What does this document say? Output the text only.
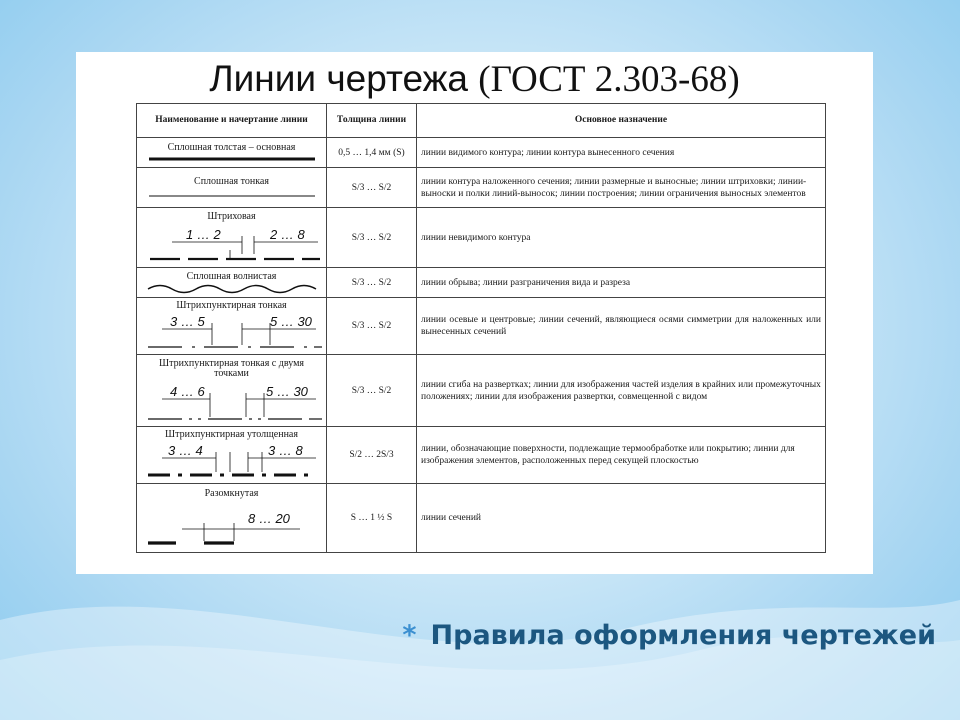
Линии чертежа (ГОСТ 2.303-68)
Наименование и начертание линии	Толщина линии	Основное назначение

Сплошная толстая – основная	0,5 … 1,4 мм (S)	линии видимого контура; линии контура вынесенного сечения

Сплошная тонкая	S/3 … S/2	линии контура наложенного сечения; линии размерные и выносные; линии штриховки; линии-выноски и полки линий-выносок; линии построения; линии ограничения выносных элементов

Штриховая
1 … 2 2 … 8	S/3 … S/2	линии невидимого контура

Сплошная волнистая	S/3 … S/2	линии обрыва; линии разграничения вида и разреза

Штрихпунктирная тонкая
3 … 5 5 … 30	S/3 … S/2	линии осевые и центровые; линии сечений, являющиеся осями симметрии для наложенных или вынесенных сечений

Штрихпунктирная тонкая с двумя точками
4 … 6 5 … 30	S/3 … S/2	линии сгиба на развертках; линии для изображения частей изделия в крайних или промежуточных положениях; линии для изображения развертки, совмещенной с видом

Штрихпунктирная утолщенная
3 … 4 3 … 8	S/2 … 2S/3	линии, обозначающие поверхности, подлежащие термообработке или покрытию; линии для изображения элементов, расположенных перед секущей плоскостью

Разомкнутая
8 … 20	S … 1 ½ S	линии сечений
* Правила оформления чертежей
